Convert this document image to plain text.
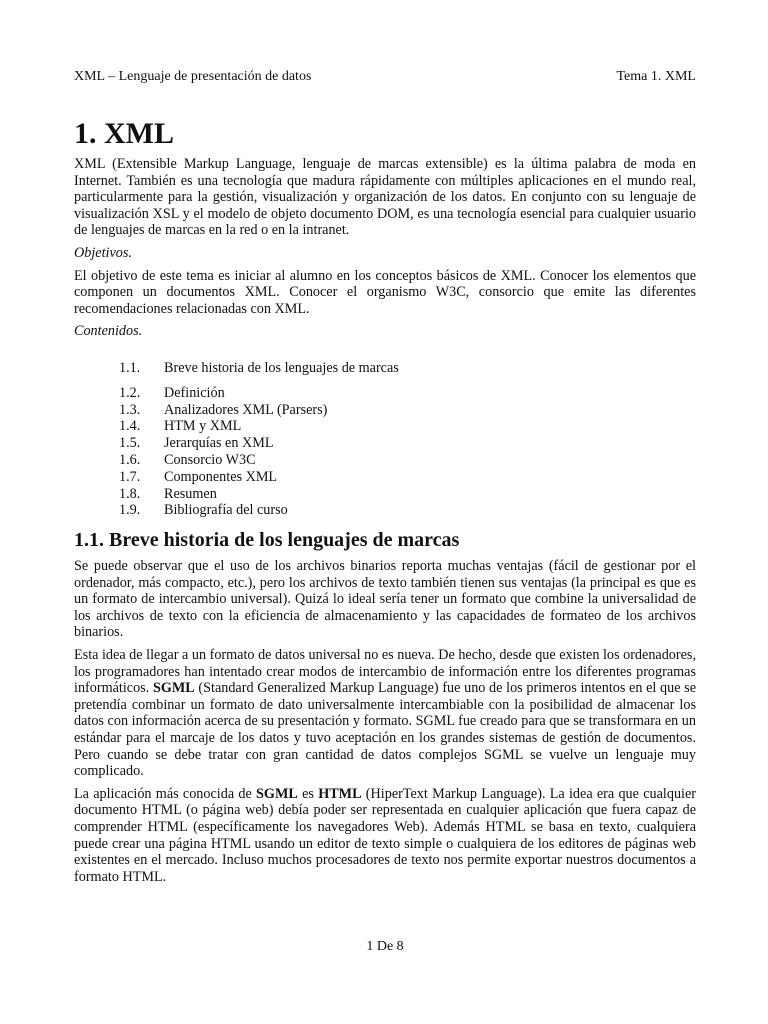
XML – Lenguaje de presentación de datos	Tema 1. XML
1. XML

XML (Extensible Markup Language, lenguaje de marcas extensible) es la última palabra de moda en Internet. También es una tecnología que madura rápidamente con múltiples aplicaciones en el mundo real, particularmente para la gestión, visualización y organización de los datos. En conjunto con su lenguaje de visualización XSL y el modelo de objeto documento DOM, es una tecnología esencial para cualquier usuario de lenguajes de marcas en la red o en la intranet.

Objetivos.

El objetivo de este tema es iniciar al alumno en los conceptos básicos de XML. Conocer los elementos que componen un documentos XML. Conocer el organismo W3C, consorcio que emite las diferentes recomendaciones relacionadas con XML.

Contenidos.

1.1.	Breve historia de los lenguajes de marcas
1.2.	Definición
1.3.	Analizadores XML (Parsers)
1.4.	HTM y XML
1.5.	Jerarquías en XML
1.6.	Consorcio W3C
1.7.	Componentes XML
1.8.	Resumen
1.9.	Bibliografía del curso
1.1. Breve historia de los lenguajes de marcas

Se puede observar que el uso de los archivos binarios reporta muchas ventajas (fácil de gestionar por el ordenador, más compacto, etc.), pero los archivos de texto también tienen sus ventajas (la principal es que es un formato de intercambio universal). Quizá lo ideal sería tener un formato que combine la universalidad de los archivos de texto con la eficiencia de almacenamiento y las capacidades de formateo de los archivos binarios.

Esta idea de llegar a un formato de datos universal no es nueva. De hecho, desde que existen los ordenadores, los programadores han intentado crear modos de intercambio de información entre los diferentes programas informáticos. SGML (Standard Generalized Markup Language) fue uno de los primeros intentos en el que se pretendía combinar un formato de dato universalmente intercambiable con la posibilidad de almacenar los datos con información acerca de su presentación y formato. SGML fue creado para que se transformara en un estándar para el marcaje de los datos y tuvo aceptación en los grandes sistemas de gestión de documentos. Pero cuando se debe tratar con gran cantidad de datos complejos SGML se vuelve un lenguaje muy complicado.

La aplicación más conocida de SGML es HTML (HiperText Markup Language). La idea era que cualquier documento HTML (o página web) debía poder ser representada en cualquier aplicación que fuera capaz de comprender HTML (específicamente los navegadores Web). Además HTML se basa en texto, cualquiera puede crear una página HTML usando un editor de texto simple o cualquiera de los editores de páginas web existentes en el mercado. Incluso muchos procesadores de texto nos permite exportar nuestros documentos a formato HTML.

1 De 8
